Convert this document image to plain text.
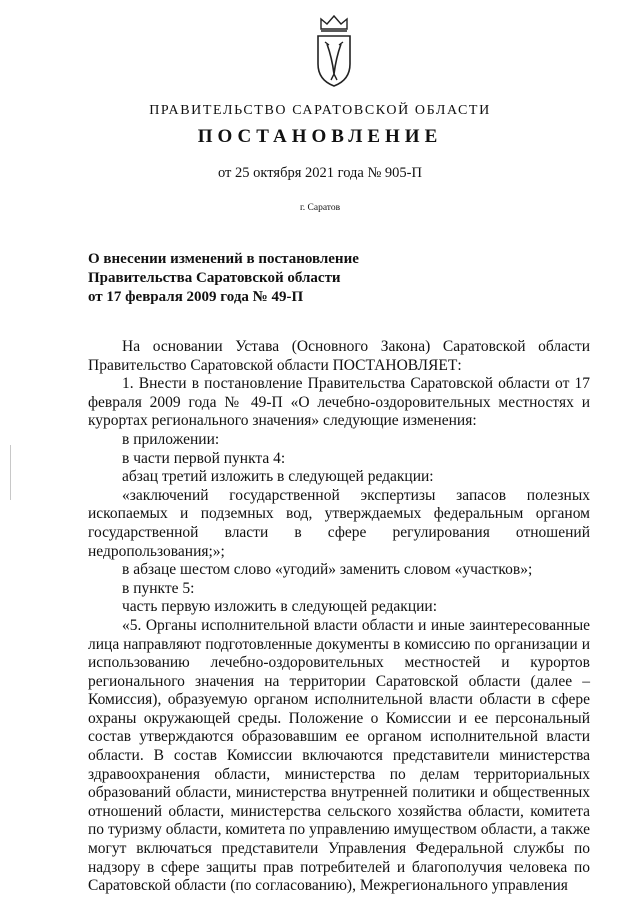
ПРАВИТЕЛЬСТВО САРАТОВСКОЙ ОБЛАСТИ
ПОСТАНОВЛЕНИЕ
от 25 октября 2021 года № 905-П
г. Саратов
О внесении изменений в постановление
Правительства Саратовской области
от 17 февраля 2009 года № 49-П

На основании Устава (Основного Закона) Саратовской области Правительство Саратовской области ПОСТАНОВЛЯЕТ:

1. Внести в постановление Правительства Саратовской области от 17 февраля 2009 года № 49-П «О лечебно-оздоровительных местностях и курортах регионального значения» следующие изменения:

в приложении:

в части первой пункта 4:

абзац третий изложить в следующей редакции:

«заключений государственной экспертизы запасов полезных ископаемых и подземных вод, утверждаемых федеральным органом государственной власти в сфере регулирования отношений недропользования;»;

в абзаце шестом слово «угодий» заменить словом «участков»;

в пункте 5:

часть первую изложить в следующей редакции:

«5. Органы исполнительной власти области и иные заинтересованные лица направляют подготовленные документы в комиссию по организации и использованию лечебно-оздоровительных местностей и курортов регионального значения на территории Саратовской области (далее – Комиссия), образуемую органом исполнительной власти области в сфере охраны окружающей среды. Положение о Комиссии и ее персональный состав утверждаются образовавшим ее органом исполнительной власти области. В состав Комиссии включаются представители министерства здравоохранения области, министерства по делам территориальных образований области, министерства внутренней политики и общественных отношений области, министерства сельского хозяйства области, комитета по туризму области, комитета по управлению имуществом области, а также могут включаться представители Управления Федеральной службы по надзору в сфере защиты прав потребителей и благополучия человека по Саратовской области (по согласованию), Межрегионального управления
